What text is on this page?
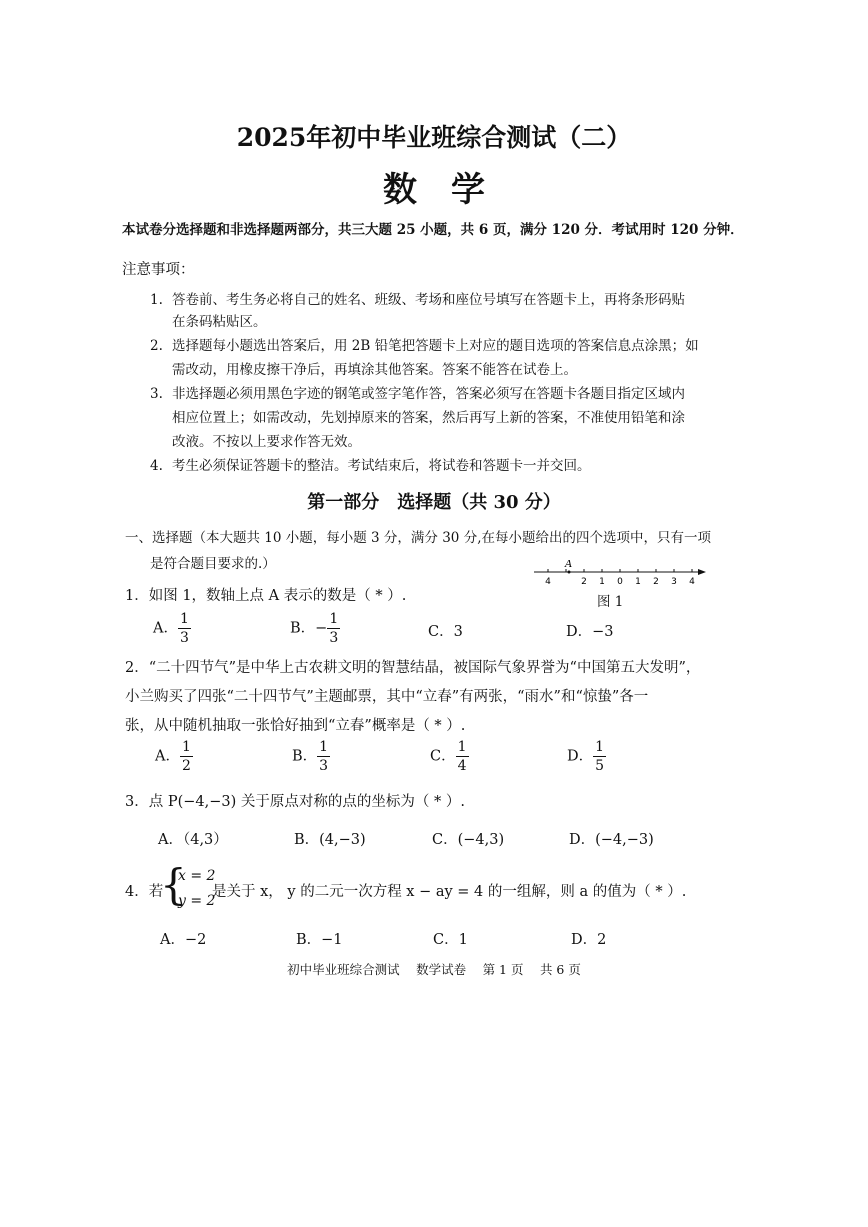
2025年初中毕业班综合测试（二）
数学
本试卷分选择题和非选择题两部分，共三大题 25 小题，共 6 页，满分 120 分．考试用时 120 分钟．
注意事项：
1. 答卷前、考生务必将自己的姓名、班级、考场和座位号填写在答题卡上，再将条形码贴
在条码粘贴区。
2. 选择题每小题选出答案后，用 2B 铅笔把答题卡上对应的题目选项的答案信息点涂黑；如
需改动，用橡皮擦干净后，再填涂其他答案。答案不能答在试卷上。
3. 非选择题必须用黑色字迹的钢笔或签字笔作答，答案必须写在答题卡各题目指定区域内
相应位置上；如需改动，先划掉原来的答案，然后再写上新的答案，不准使用铅笔和涂
改液。不按以上要求作答无效。
4. 考生必须保证答题卡的整洁。考试结束后，将试卷和答题卡一并交回。
第一部分　选择题（共 30 分）
一、选择题（本大题共 10 小题，每小题 3 分，满分 30 分,在每小题给出的四个选项中，只有一项
是符合题目要求的.）
4	2 1 0 1 2 3 4
A
图 1
1．如图 1，数轴上点 A 表示的数是（ * ）.
A． $\frac{1}{3}$	B．− $\frac{1}{3}$	C．3	D．−3
2．“二十四节气”是中华上古农耕文明的智慧结晶，被国际气象界誉为“中国第五大发明”，
小兰购买了四张“二十四节气”主题邮票，其中“立春”有两张，“雨水”和“惊蛰”各一
张，从中随机抽取一张恰好抽到“立春”概率是（ * ）.
A． $\frac{1}{2}$	B． $\frac{1}{3}$	C． $\frac{1}{4}$	D． $\frac{1}{5}$
3．点 P(−4,−3) 关于原点对称的点的坐标为（ * ）.
A．（4,3）	B．(4,−3)	C．(−4,3)	D．(−4,−3)
4．若
{
x = 2
y = 2
是关于 x， y 的二元一次方程 x − ay = 4 的一组解，则 a 的值为（ * ）.
A．−2	B．−1	C．1	D．2
初中毕业班综合测试　 数学试卷　 第 1 页　 共 6 页
